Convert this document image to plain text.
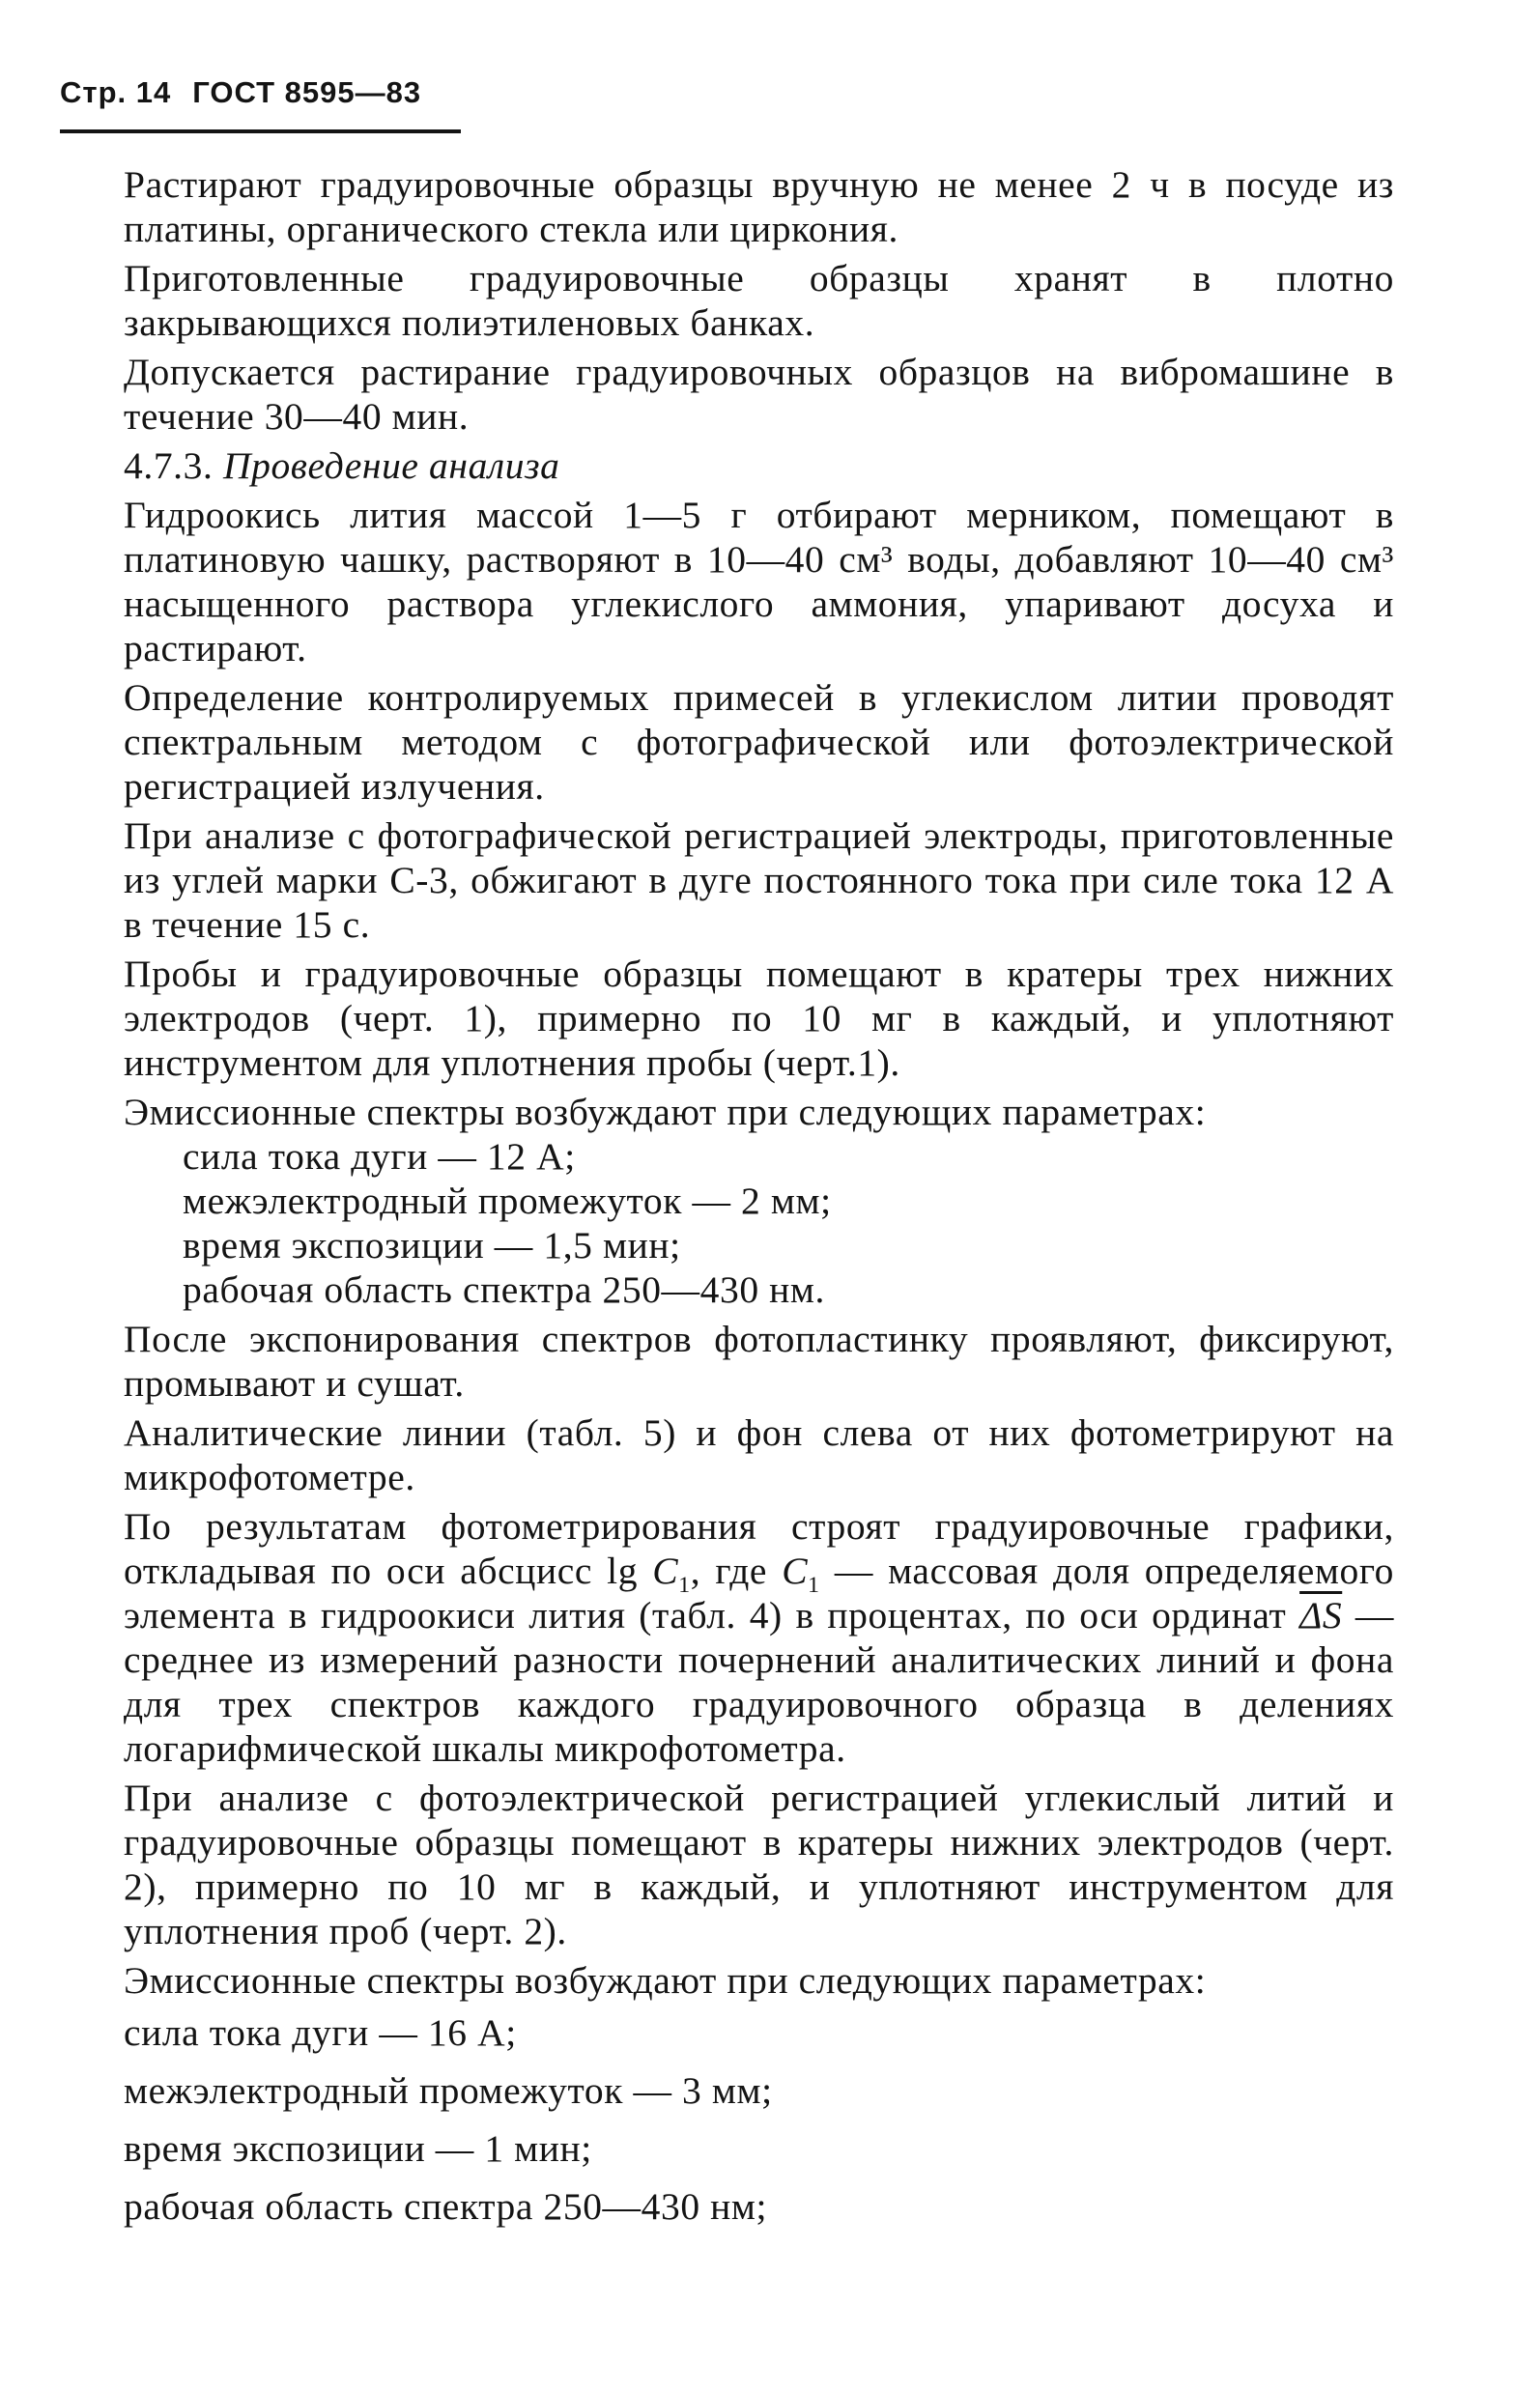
Стр. 14 ГОСТ 8595—83

Растирают градуировочные образцы вручную не менее 2 ч в посуде из платины, органического стекла или циркония.

Приготовленные градуировочные образцы хранят в плотно закрывающихся полиэтиленовых банках.

Допускается растирание градуировочных образцов на вибромашине в течение 30—40 мин.

4.7.3. Проведение анализа

Гидроокись лития массой 1—5 г отбирают мерником, помещают в платиновую чашку, растворяют в 10—40 см³ воды, добавляют 10—40 см³ насыщенного раствора углекислого аммония, упаривают досуха и растирают.

Определение контролируемых примесей в углекислом литии проводят спектральным методом с фотографической или фотоэлектрической регистрацией излучения.

При анализе с фотографической регистрацией электроды, приготовленные из углей марки С-3, обжигают в дуге постоянного тока при силе тока 12 А в течение 15 с.

Пробы и градуировочные образцы помещают в кратеры трех нижних электродов (черт. 1), примерно по 10 мг в каждый, и уплотняют инструментом для уплотнения пробы (черт.1).

Эмиссионные спектры возбуждают при следующих параметрах:

сила тока дуги — 12 А;
межэлектродный промежуток — 2 мм;
время экспозиции — 1,5 мин;
рабочая область спектра 250—430 нм.

После экспонирования спектров фотопластинку проявляют, фиксируют, промывают и сушат.

Аналитические линии (табл. 5) и фон слева от них фотометрируют на микрофотометре.

По результатам фотометрирования строят градуировочные графики, откладывая по оси абсцисс $\lg C_1$, где $C_1$ — массовая доля определяемого элемента в гидроокиси лития (табл. 4) в процентах, по оси ординат $\overline{\Delta S}$ — среднее из измерений разности почернений аналитических линий и фона для трех спектров каждого градуировочного образца в делениях логарифмической шкалы микрофотометра.

При анализе с фотоэлектрической регистрацией углекислый литий и градуировочные образцы помещают в кратеры нижних электродов (черт. 2), примерно по 10 мг в каждый, и уплотняют инструментом для уплотнения проб (черт. 2).

Эмиссионные спектры возбуждают при следующих параметрах:

сила тока дуги — 16 А;
межэлектродный промежуток — 3 мм;
время экспозиции — 1 мин;
рабочая область спектра 250—430 нм;
